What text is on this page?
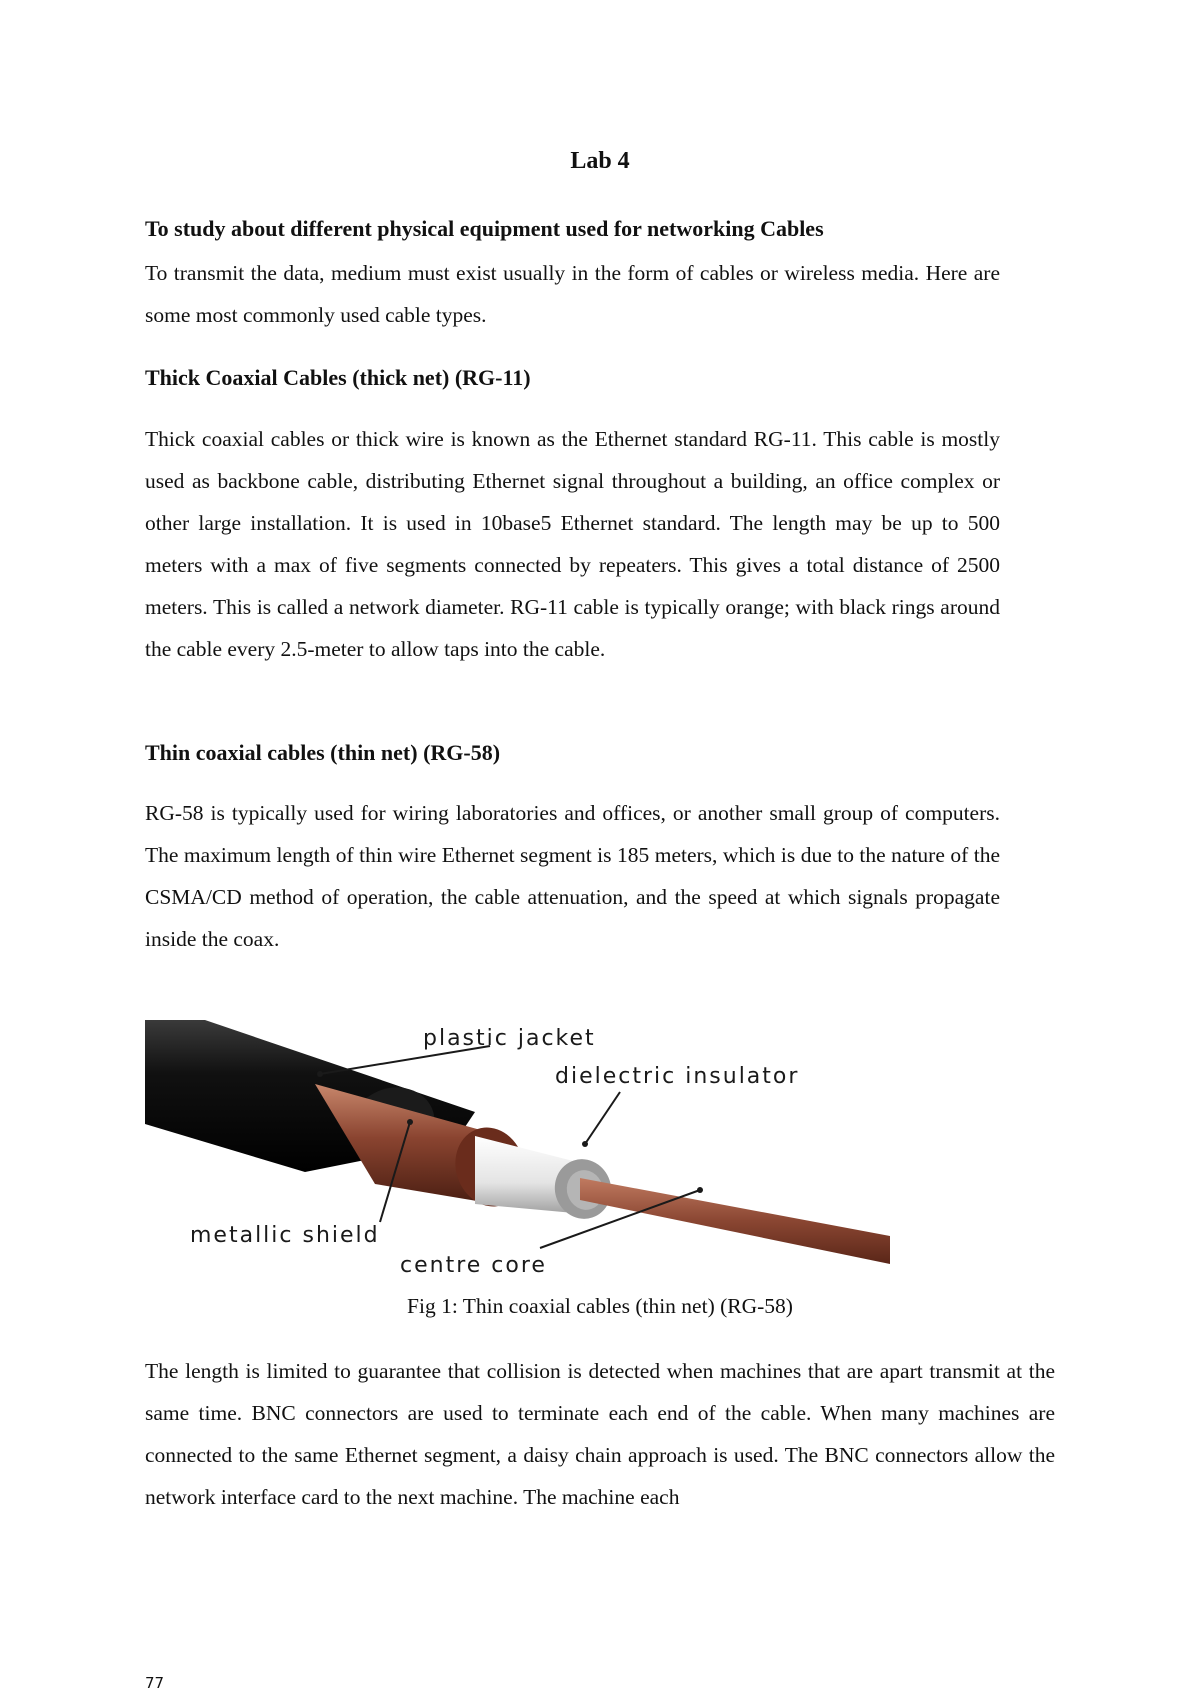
Lab 4

To study about different physical equipment used for networking Cables

To transmit the data, medium must exist usually in the form of cables or wireless media. Here are some most commonly used cable types.

Thick Coaxial Cables (thick net) (RG-11)

Thick coaxial cables or thick wire is known as the Ethernet standard RG-11. This cable is mostly used as backbone cable, distributing Ethernet signal throughout a building, an office complex or other large installation. It is used in 10base5 Ethernet standard. The length may be up to 500 meters with a max of five segments connected by repeaters. This gives a total distance of 2500 meters. This is called a network diameter. RG-11 cable is typically orange; with black rings around the cable every 2.5-meter to allow taps into the cable.

Thin coaxial cables (thin net) (RG-58)

RG-58 is typically used for wiring laboratories and offices, or another small group of computers. The maximum length of thin wire Ethernet segment is 185 meters, which is due to the nature of the CSMA/CD method of operation, the cable attenuation, and the speed at which signals propagate inside the coax.

plastic jacket
dielectric insulator
metallic shield
centre core

Fig 1: Thin coaxial cables (thin net) (RG-58)

The length is limited to guarantee that collision is detected when machines that are apart transmit at the same time. BNC connectors are used to terminate each end of the cable. When many machines are connected to the same Ethernet segment, a daisy chain approach is used. The BNC connectors allow the network interface card to the next machine. The machine each

77
